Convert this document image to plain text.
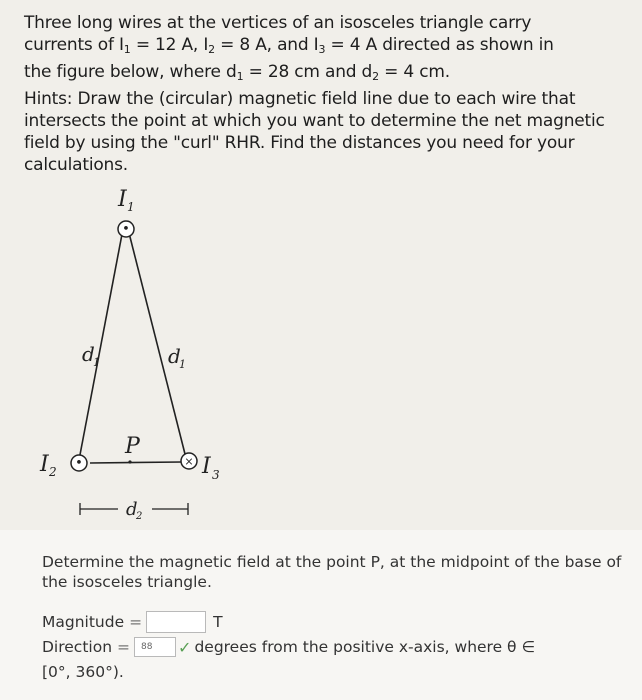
Three long wires at the vertices of an isosceles triangle carry

currents of $I_1 = 12$ A, $I_2 = 8$ A, and $I_3 = 4$ A directed as shown in

the figure below, where $d_1 = 28$ cm and $d_2 = 4$ cm.

Hints: Draw the (circular) magnetic field line due to each wire that intersects the point at which you want to determine the net magnetic field by using the "curl" RHR. Find the distances you need for your calculations.

I 1
•
d
1	d
1
I 2
•
P
× I 3
d
2

Determine the magnetic field at the point P, at the midpoint of the base of the isosceles triangle.

Magnitude =	T
Direction =	88	✓ degrees from the positive x-axis, where θ ∈
[0°, 360°).
